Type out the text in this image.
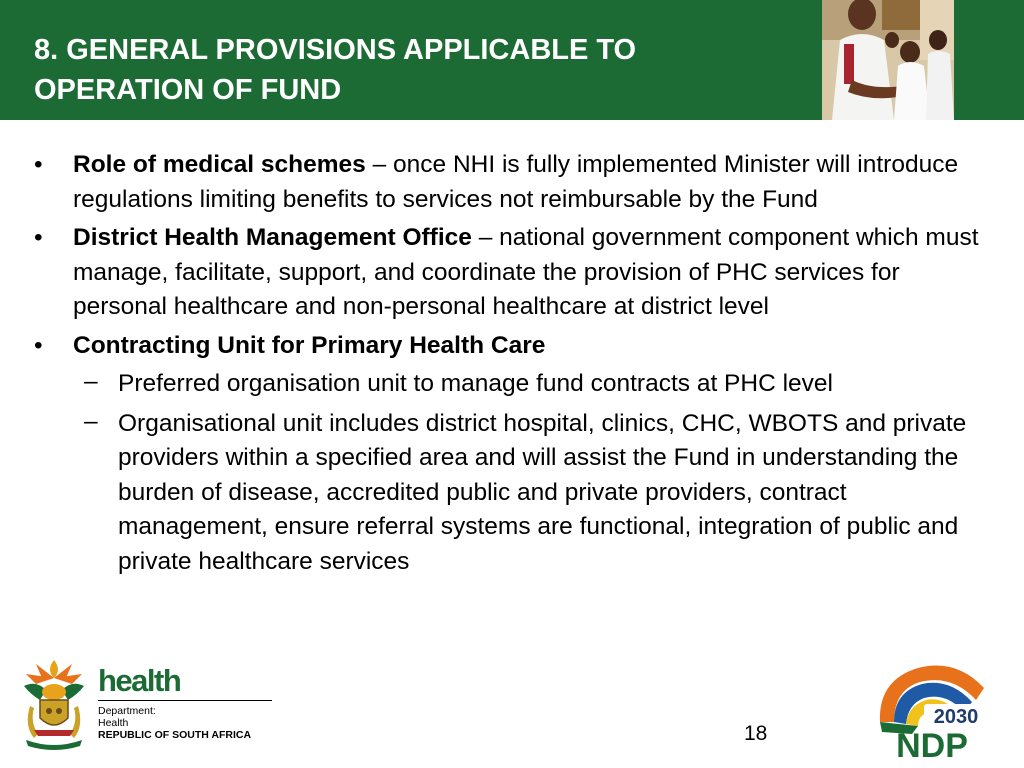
8. GENERAL PROVISIONS APPLICABLE TO
OPERATION OF FUND
• Role of medical schemes – once NHI is fully implemented Minister will introduce regulations limiting benefits to services not reimbursable by the Fund
• District Health Management Office – national government component which must manage, facilitate, support, and coordinate the provision of PHC services for personal healthcare and non-personal healthcare at district level
• Contracting Unit for Primary Health Care
– Preferred organisation unit to manage fund contracts at PHC level
– Organisational unit includes district hospital, clinics, CHC, WBOTS and private providers within a specified area and will assist the Fund in understanding the burden of disease, accredited public and private providers, contract management, ensure referral systems are functional, integration of public and private healthcare services
health
Department:
Health
REPUBLIC OF SOUTH AFRICA	18
2030
NDP
